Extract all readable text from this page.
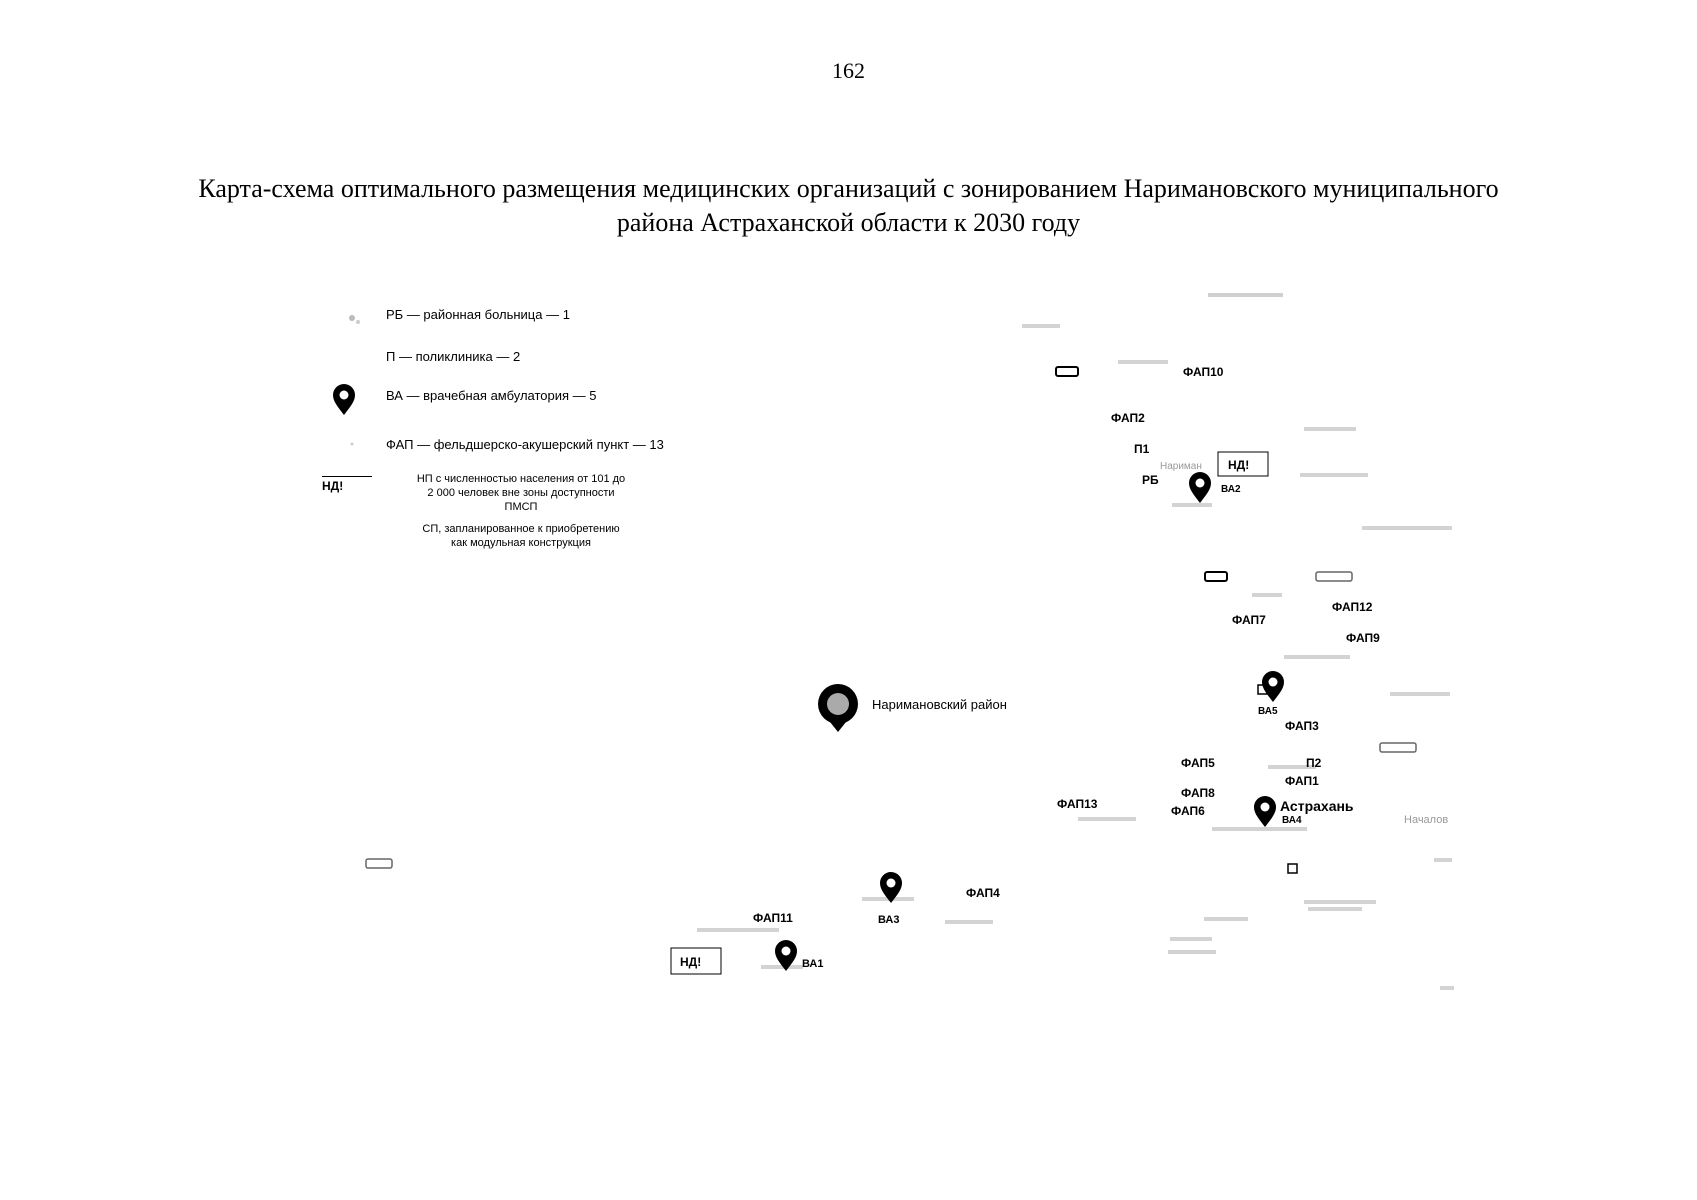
162
Карта-схема оптимального размещения медицинских организаций с зонированием Наримановского муниципального
района Астраханской области к 2030 году
РБ — районная больница — 1
П — поликлиника — 2
ВА — врачебная амбулатория — 5
ФАП — фельдшерско-акушерский пункт — 13
НД!	НП с численностью населения от 101 до
2 000 человек вне зоны доступности
ПМСП
СП, запланированное к приобретению
как модульная конструкция
ФАП10
ФАП2
П1
Нариман НД!
РБ
ВА2
ФАП7
ФАП12
ФАП9
ВА5
ФАП3
Наримановский район
ФАП5	П2
ФАП1
ФАП8
ФАП6
ФАП13	Астрахань
ВА4	Началов
ФАП4
ВА3
ФАП11
ВА1
НД!
